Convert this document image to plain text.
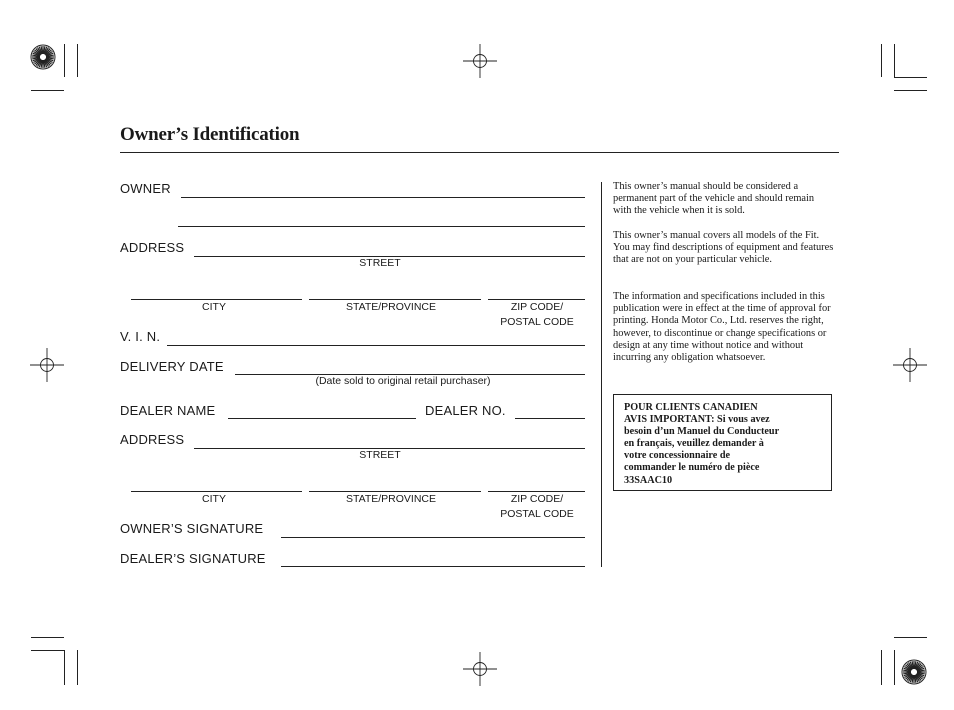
Owner’s Identification
OWNER
ADDRESS
STREET
CITY	STATE/PROVINCE	ZIP CODE/
POSTAL CODE
V. I. N.
DELIVERY DATE
(Date sold to original retail purchaser)
DEALER NAME	DEALER NO.
ADDRESS
STREET
CITY	STATE/PROVINCE	ZIP CODE/
POSTAL CODE
OWNER’S SIGNATURE
DEALER’S SIGNATURE
This owner’s manual should be considered a permanent part of the vehicle and should remain with the vehicle when it is sold.
This owner’s manual covers all models of the Fit. You may find descriptions of equipment and features that are not on your particular vehicle.
The information and specifications included in this publication were in effect at the time of approval for printing. Honda Motor Co., Ltd. reserves the right, however, to discontinue or change specifications or design at any time without notice and without incurring any obligation whatsoever.
POUR CLIENTS CANADIEN
AVIS IMPORTANT: Si vous avez
besoin d’un Manuel du Conducteur
en français, veuillez demander à
votre concessionnaire de
commander le numéro de pièce
33SAAC10
